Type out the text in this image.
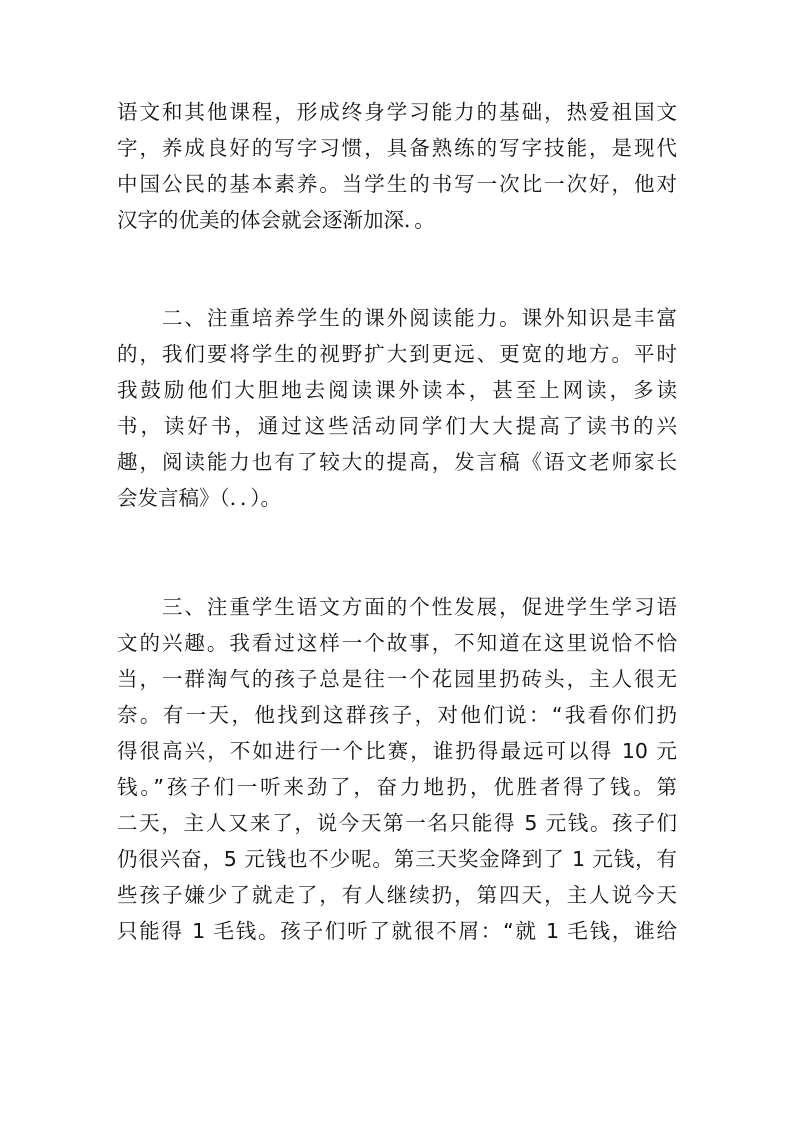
语文和其他课程，形成终身学习能力的基础，热爱祖国文
字，养成良好的写字习惯，具备熟练的写字技能，是现代
中国公民的基本素养。当学生的书写一次比一次好，他对
汉字的优美的体会就会逐渐加深．。
　　二、注重培养学生的课外阅读能力。课外知识是丰富
的，我们要将学生的视野扩大到更远、更宽的地方。平时
我鼓励他们大胆地去阅读课外读本，甚至上网读，多读
书，读好书，通过这些活动同学们大大提高了读书的兴
趣，阅读能力也有了较大的提高，发言稿《语文老师家长
会发言稿》（．．）。
　　三、注重学生语文方面的个性发展，促进学生学习语
文的兴趣。我看过这样一个故事，不知道在这里说恰不恰
当，一群淘气的孩子总是往一个花园里扔砖头，主人很无
奈。有一天，他找到这群孩子，对他们说：“我看你们扔
得很高兴，不如进行一个比赛，谁扔得最远可以得 10 元
钱。”孩子们一听来劲了，奋力地扔，优胜者得了钱。第
二天，主人又来了，说今天第一名只能得 5 元钱。孩子们
仍很兴奋，5 元钱也不少呢。第三天奖金降到了 1 元钱，有
些孩子嫌少了就走了，有人继续扔，第四天，主人说今天
只能得 1 毛钱。孩子们听了就很不屑：“就 1 毛钱，谁给
